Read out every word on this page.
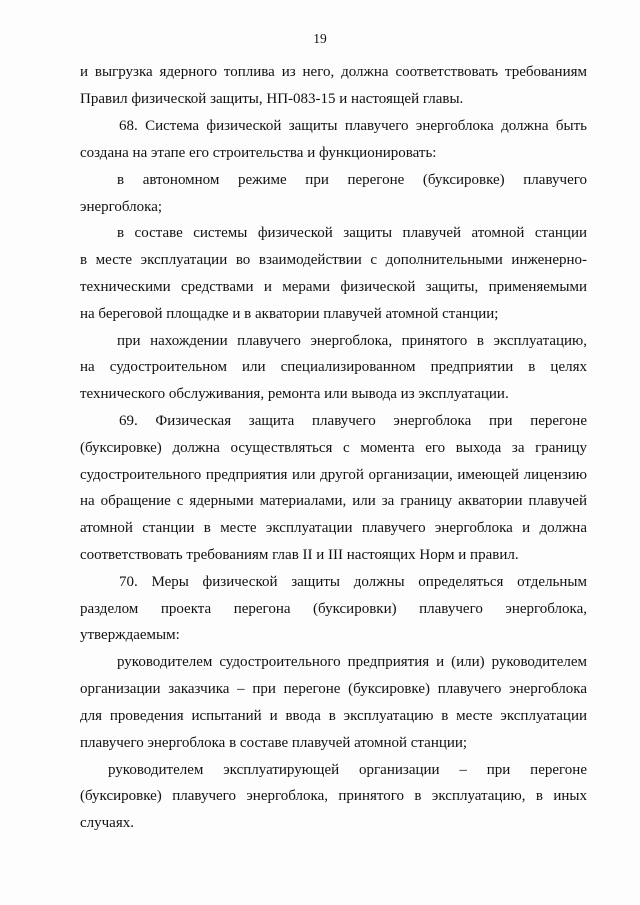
19
и выгрузка ядерного топлива из него, должна соответствовать требованиям
Правил физической защиты, НП-083-15 и настоящей главы.
68. Система физической защиты плавучего энергоблока должна быть
создана на этапе его строительства и функционировать:
в автономном режиме при перегоне (буксировке) плавучего
энергоблока;
в составе системы физической защиты плавучей атомной станции
в месте эксплуатации во взаимодействии с дополнительными инженерно-
техническими средствами и мерами физической защиты, применяемыми
на береговой площадке и в акватории плавучей атомной станции;
при нахождении плавучего энергоблока, принятого в эксплуатацию,
на судостроительном или специализированном предприятии в целях
технического обслуживания, ремонта или вывода из эксплуатации.
69. Физическая защита плавучего энергоблока при перегоне
(буксировке) должна осуществляться с момента его выхода за границу
судостроительного предприятия или другой организации, имеющей лицензию
на обращение с ядерными материалами, или за границу акватории плавучей
атомной станции в месте эксплуатации плавучего энергоблока и должна
соответствовать требованиям глав II и III настоящих Норм и правил.
70. Меры физической защиты должны определяться отдельным
разделом проекта перегона (буксировки) плавучего энергоблока,
утверждаемым:
руководителем судостроительного предприятия и (или) руководителем
организации заказчика – при перегоне (буксировке) плавучего энергоблока
для проведения испытаний и ввода в эксплуатацию в месте эксплуатации
плавучего энергоблока в составе плавучей атомной станции;
руководителем эксплуатирующей организации – при перегоне
(буксировке) плавучего энергоблока, принятого в эксплуатацию, в иных
случаях.
